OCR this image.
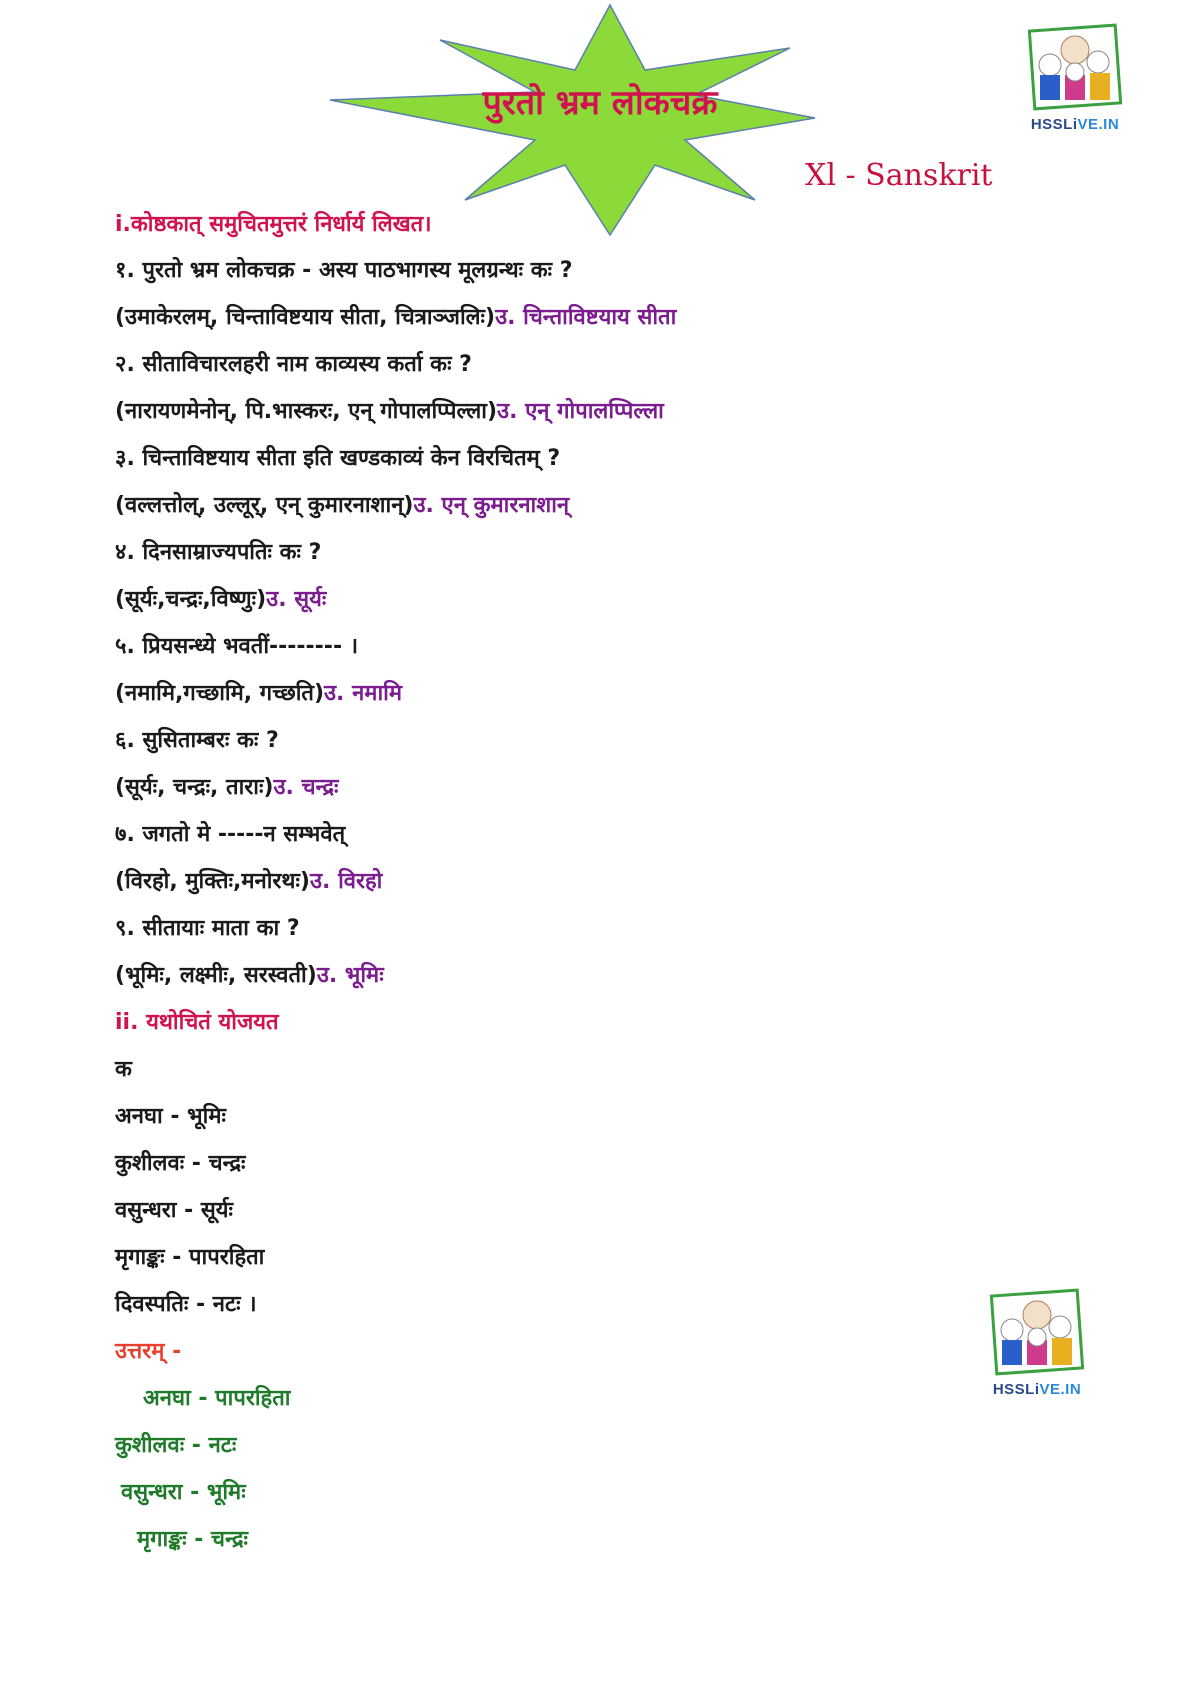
पुरतो भ्रम लोकचक्र
Xl - Sanskrit
HSSLiVE.IN
i.कोष्ठकात् समुचितमुत्तरं निर्धार्य लिखत।
१. पुरतो भ्रम लोकचक्र - अस्य पाठभागस्य मूलग्रन्थः कः ?
(उमाकेरलम्, चिन्ताविष्टयाय सीता, चित्राञ्जलिः)उ. चिन्ताविष्टयाय सीता
२. सीताविचारलहरी नाम काव्यस्य कर्ता कः ?
(नारायणमेनोन्, पि.भास्करः, एन् गोपालप्पिल्ला)उ. एन् गोपालप्पिल्ला
३. चिन्ताविष्टयाय सीता इति खण्डकाव्यं केन विरचितम् ?
(वल्लत्तोल्, उल्लूर्, एन् कुमारनाशान्)उ. एन् कुमारनाशान्
४. दिनसाम्राज्यपतिः कः ?
(सूर्यः,चन्द्रः,विष्णुः)उ. सूर्यः
५. प्रियसन्ध्ये भवतीं-------- ।
(नमामि,गच्छामि, गच्छति)उ. नमामि
६. सुसिताम्बरः कः ?
(सूर्यः, चन्द्रः, ताराः)उ. चन्द्रः
७. जगतो मे -----न सम्भवेत्
(विरहो, मुक्तिः,मनोरथः)उ. विरहो
९. सीतायाः माता का ?
(भूमिः, लक्ष्मीः, सरस्वती)उ. भूमिः
ii. यथोचितं योजयत
क
अनघा - भूमिः
कुशीलवः - चन्द्रः
वसुन्धरा - सूर्यः
मृगाङ्कः - पापरहिता
दिवस्पतिः - नटः ।
उत्तरम् -
अनघा - पापरहिता
कुशीलवः - नटः
वसुन्धरा - भूमिः
मृगाङ्कः - चन्द्रः
HSSLiVE.IN
